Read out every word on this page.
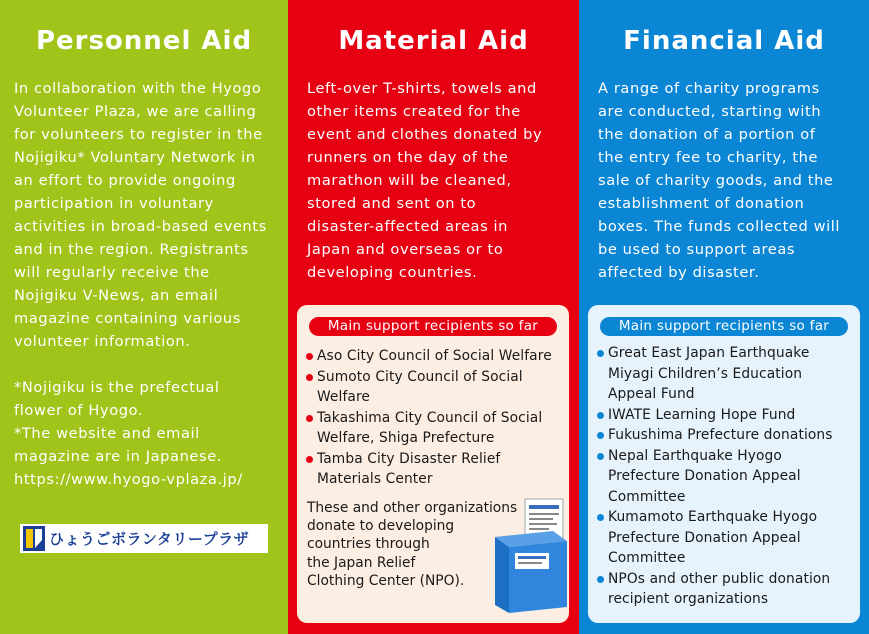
Personnel Aid
In collaboration with the Hyogo
Volunteer Plaza, we are calling
for volunteers to register in the
Nojigiku* Voluntary Network in
an effort to provide ongoing
participation in voluntary
activities in broad-based events
and in the region. Registrants
will regularly receive the
Nojigiku V-News, an email
magazine containing various
volunteer information.

*Nojigiku is the prefectual
flower of Hyogo.
*The website and email
magazine are in Japanese.
https://www.hyogo-vplaza.jp/
ひょうごボランタリープラザ
Material Aid
Left-over T-shirts, towels and
other items created for the
event and clothes donated by
runners on the day of the
marathon will be cleaned,
stored and sent on to
disaster-affected areas in
Japan and overseas or to
developing countries.
Main support recipients so far
Aso City Council of Social Welfare
Sumoto City Council of Social
Welfare
Takashima City Council of Social
Welfare, Shiga Prefecture
Tamba City Disaster Relief
Materials Center
These and other organizations
donate to developing
countries through
the Japan Relief
Clothing Center (NPO).
Financial Aid
A range of charity programs
are conducted, starting with
the donation of a portion of
the entry fee to charity, the
sale of charity goods, and the
establishment of donation
boxes. The funds collected will
be used to support areas
affected by disaster.
Main support recipients so far
Great East Japan Earthquake
Miyagi Children’s Education
Appeal Fund
IWATE Learning Hope Fund
Fukushima Prefecture donations
Nepal Earthquake Hyogo
Prefecture Donation Appeal
Committee
Kumamoto Earthquake Hyogo
Prefecture Donation Appeal
Committee
NPOs and other public donation
recipient organizations
